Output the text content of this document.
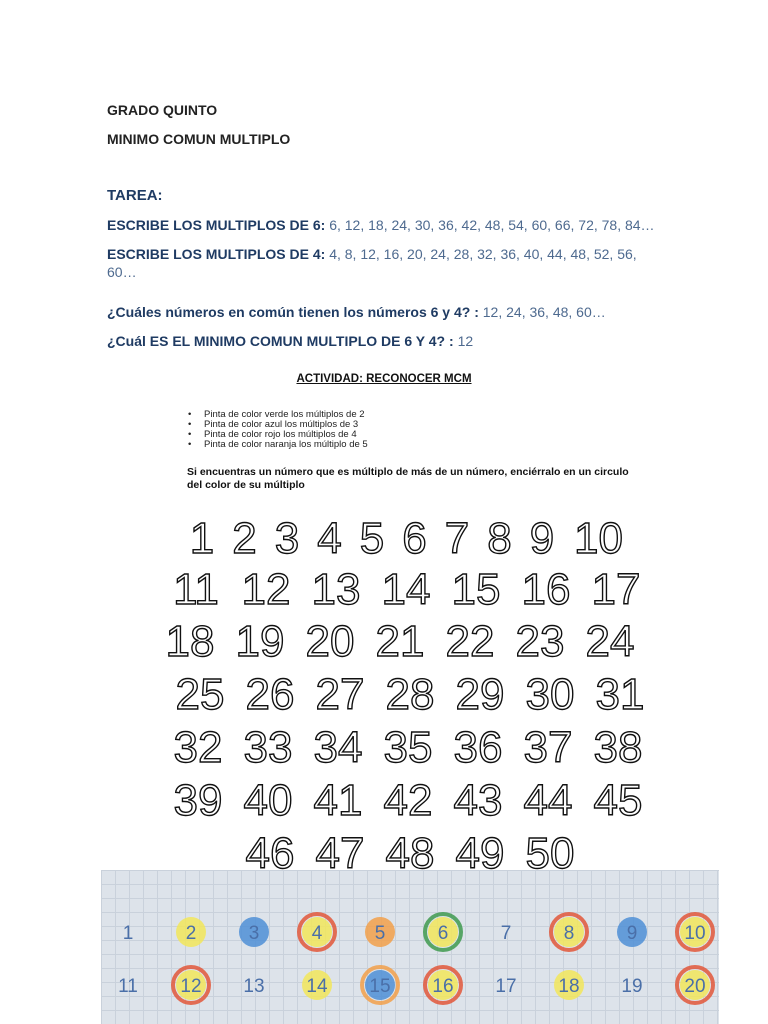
GRADO QUINTO
MINIMO COMUN MULTIPLO
TAREA:
ESCRIBE LOS MULTIPLOS DE 6: 6, 12, 18, 24, 30, 36, 42, 48, 54, 60, 66, 72, 78, 84…
ESCRIBE LOS MULTIPLOS DE 4: 4, 8, 12, 16, 20, 24, 28, 32, 36, 40, 44, 48, 52, 56,
60…
¿Cuáles números en común tienen los números 6 y 4? : 12, 24, 36, 48, 60…
¿Cuál ES EL MINIMO COMUN MULTIPLO DE 6 Y 4? : 12
ACTIVIDAD: RECONOCER MCM
• Pinta de color verde los múltiplos de 2
• Pinta de color azul los múltiplos de 3
• Pinta de color rojo los múltiplos de 4
• Pinta de color naranja los múltiplo de 5
Si encuentras un número que es múltiplo de más de un número, enciérralo en un circulo del color de su múltiplo
1 2 3 4 5 6 7 8 9 10
11 12 13 14 15 16 17
18 19 20 21 22 23 24
25 26 27 28 29 30 31
32 33 34 35 36 37 38
39 40 41 42 43 44 45
46 47 48 49 50
1	2	3	4	5	6	7	8	9 10
11 12 13 14 15 16 17 18 19 20
